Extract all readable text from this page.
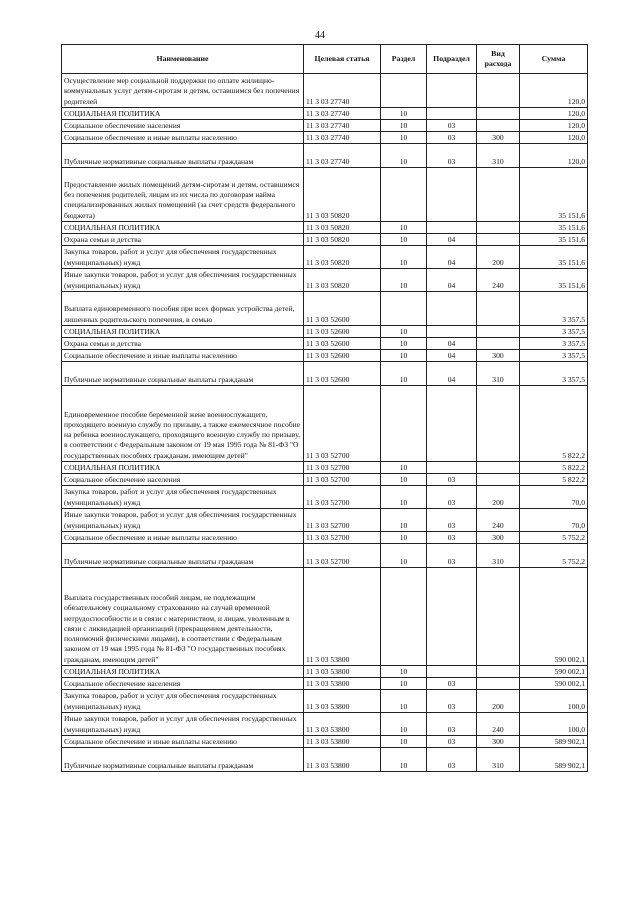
44
Наименование	Целевая статья	Раздел	Подраздел	Вид расхода	Сумма
Осуществление мер социальной поддержки по оплате жилищно-коммунальных услуг детям-сиротам и детям, оставшимся без попечения родителей	11 3 03 27740				120,0
СОЦИАЛЬНАЯ ПОЛИТИКА	11 3 03 27740	10			120,0
Социальное обеспечение населения	11 3 03 27740	10	03		120,0
Социальное обеспечение и иные выплаты населению	11 3 03 27740	10	03	300	120,0
Публичные нормативные социальные выплаты гражданам	11 3 03 27740	10	03	310	120,0
Предоставление жилых помещений детям-сиротам и детям, оставшимся без попечения родителей, лицам из их числа по договорам найма специализированных жилых помещений (за счет средств федерального бюджета)	11 3 03 50820				35 151,6
СОЦИАЛЬНАЯ ПОЛИТИКА	11 3 03 50820	10			35 151,6
Охрана семьи и детства	11 3 03 50820	10	04		35 151,6
Закупка товаров, работ и услуг для обеспечения государственных (муниципальных) нужд	11 3 03 50820	10	04	200	35 151,6
Иные закупки товаров, работ и услуг для обеспечения государственных (муниципальных) нужд	11 3 03 50820	10	04	240	35 151,6
Выплата единовременного пособия при всех формах устройства детей, лишенных родительского попечения, в семью	11 3 03 52600				3 357,5
СОЦИАЛЬНАЯ ПОЛИТИКА	11 3 03 52600	10			3 357,5
Охрана семьи и детства	11 3 03 52600	10	04		3 357,5
Социальное обеспечение и иные выплаты населению	11 3 03 52600	10	04	300	3 357,5
Публичные нормативные социальные выплаты гражданам	11 3 03 52600	10	04	310	3 357,5
Единовременное пособие беременной жене военнослужащего, проходящего военную службу по призыву, а также ежемесячное пособие на ребенка военнослужащего, проходящего военную службу по призыву, в соответствии с Федеральным законом от 19 мая 1995 года № 81-ФЗ "О государственных пособиях гражданам, имеющим детей"	11 3 03 52700				5 822,2
СОЦИАЛЬНАЯ ПОЛИТИКА	11 3 03 52700	10			5 822,2
Социальное обеспечение населения	11 3 03 52700	10	03		5 822,2
Закупка товаров, работ и услуг для обеспечения государственных (муниципальных) нужд	11 3 03 52700	10	03	200	70,0
Иные закупки товаров, работ и услуг для обеспечения государственных (муниципальных) нужд	11 3 03 52700	10	03	240	70,0
Социальное обеспечение и иные выплаты населению	11 3 03 52700	10	03	300	5 752,2
Публичные нормативные социальные выплаты гражданам	11 3 03 52700	10	03	310	5 752,2
Выплата государственных пособий лицам, не подлежащим обязательному социальному страхованию на случай временной нетрудоспособности и в связи с материнством, и лицам, уволенным в связи с ликвидацией организаций (прекращением деятельности, полномочий физическими лицами), в соответствии с Федеральным законом от 19 мая 1995 года № 81-ФЗ "О государственных пособиях гражданам, имеющим детей"	11 3 03 53800				590 002,1
СОЦИАЛЬНАЯ ПОЛИТИКА	11 3 03 53800	10			590 002,1
Социальное обеспечение населения	11 3 03 53800	10	03		590 002,1
Закупка товаров, работ и услуг для обеспечения государственных (муниципальных) нужд	11 3 03 53800	10	03	200	100,0
Иные закупки товаров, работ и услуг для обеспечения государственных (муниципальных) нужд	11 3 03 53800	10	03	240	100,0
Социальное обеспечение и иные выплаты населению	11 3 03 53800	10	03	300	589 902,1
Публичные нормативные социальные выплаты гражданам	11 3 03 53800	10	03	310	589 902,1
